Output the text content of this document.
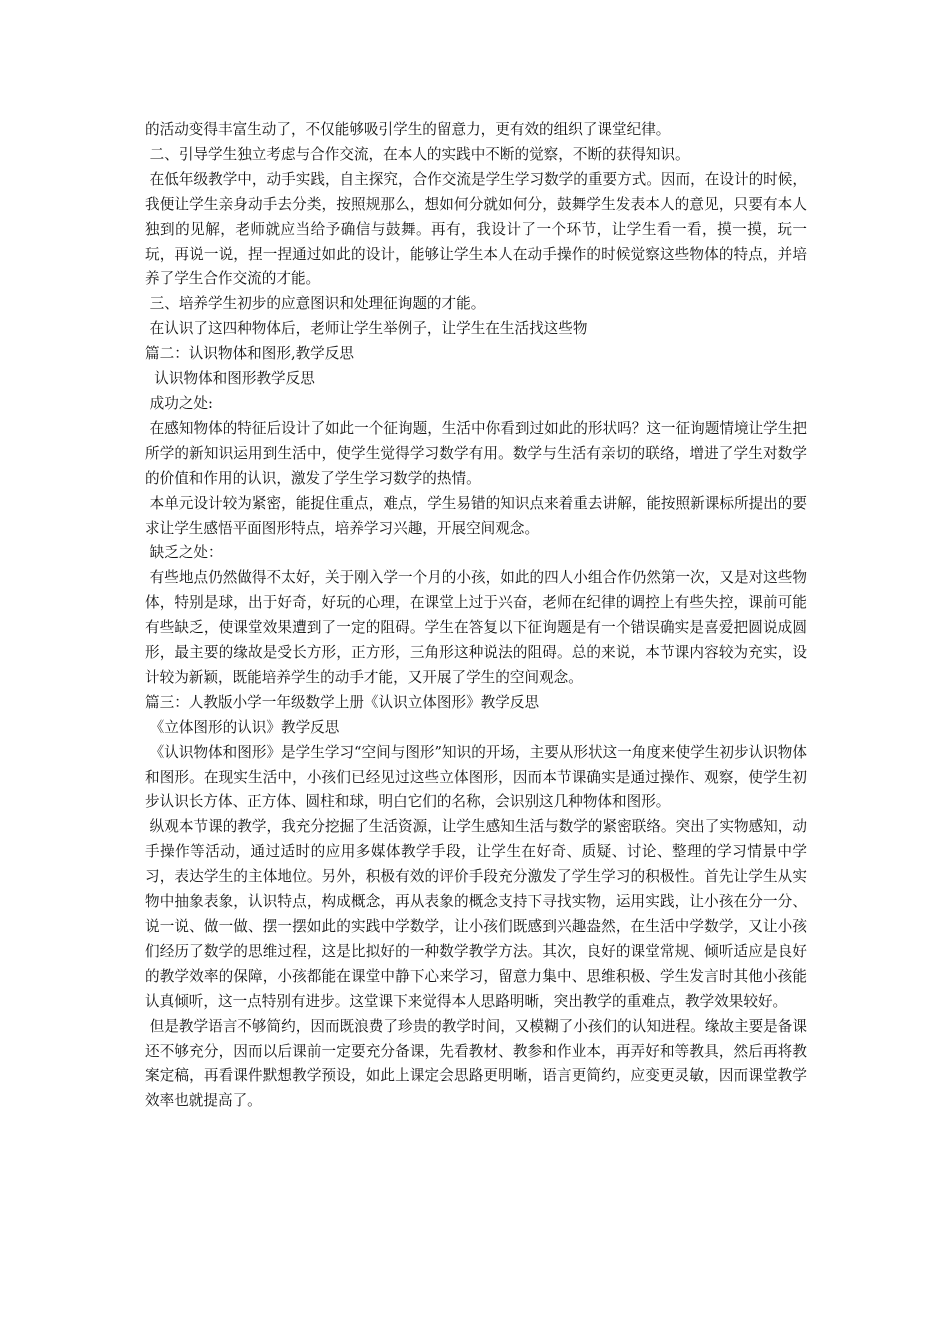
的活动变得丰富生动了，不仅能够吸引学生的留意力，更有效的组织了课堂纪律。

二、引导学生独立考虑与合作交流，在本人的实践中不断的觉察，不断的获得知识。

在低年级教学中，动手实践，自主探究，合作交流是学生学习数学的重要方式。因而，在设计的时候，我便让学生亲身动手去分类，按照规那么，想如何分就如何分，鼓舞学生发表本人的意见，只要有本人独到的见解，老师就应当给予确信与鼓舞。再有，我设计了一个环节，让学生看一看，摸一摸，玩一玩，再说一说，捏一捏通过如此的设计，能够让学生本人在动手操作的时候觉察这些物体的特点，并培养了学生合作交流的才能。

三、培养学生初步的应意图识和处理征询题的才能。

在认识了这四种物体后，老师让学生举例子，让学生在生活找这些物

篇二：认识物体和图形,教学反思

认识物体和图形教学反思

成功之处:

在感知物体的特征后设计了如此一个征询题，生活中你看到过如此的形状吗？这一征询题情境让学生把所学的新知识运用到生活中，使学生觉得学习数学有用。数学与生活有亲切的联络，增进了学生对数学的价值和作用的认识，激发了学生学习数学的热情。

本单元设计较为紧密，能捉住重点，难点，学生易错的知识点来着重去讲解，能按照新课标所提出的要求让学生感悟平面图形特点，培养学习兴趣，开展空间观念。

缺乏之处：

有些地点仍然做得不太好，关于刚入学一个月的小孩，如此的四人小组合作仍然第一次，又是对这些物体，特别是球，出于好奇，好玩的心理，在课堂上过于兴奋，老师在纪律的调控上有些失控，课前可能有些缺乏，使课堂效果遭到了一定的阻碍。学生在答复以下征询题是有一个错误确实是喜爱把圆说成圆形，最主要的缘故是受长方形，正方形，三角形这种说法的阻碍。总的来说，本节课内容较为充实，设计较为新颖，既能培养学生的动手才能，又开展了学生的空间观念。

篇三：人教版小学一年级数学上册《认识立体图形》教学反思

《立体图形的认识》教学反思

《认识物体和图形》是学生学习“空间与图形”知识的开场，主要从形状这一角度来使学生初步认识物体和图形。在现实生活中，小孩们已经见过这些立体图形，因而本节课确实是通过操作、观察，使学生初步认识长方体、正方体、圆柱和球，明白它们的名称，会识别这几种物体和图形。

纵观本节课的教学，我充分挖掘了生活资源，让学生感知生活与数学的紧密联络。突出了实物感知，动手操作等活动，通过适时的应用多媒体教学手段，让学生在好奇、质疑、讨论、整理的学习情景中学习，表达学生的主体地位。另外，积极有效的评价手段充分激发了学生学习的积极性。首先让学生从实物中抽象表象，认识特点，构成概念，再从表象的概念支持下寻找实物，运用实践，让小孩在分一分、说一说、做一做、摆一摆如此的实践中学数学，让小孩们既感到兴趣盎然，在生活中学数学，又让小孩们经历了数学的思维过程，这是比拟好的一种数学教学方法。其次，良好的课堂常规、倾听适应是良好的教学效率的保障，小孩都能在课堂中静下心来学习，留意力集中、思维积极、学生发言时其他小孩能认真倾听，这一点特别有进步。这堂课下来觉得本人思路明晰，突出教学的重难点，教学效果较好。

但是教学语言不够简约，因而既浪费了珍贵的教学时间，又模糊了小孩们的认知进程。缘故主要是备课还不够充分，因而以后课前一定要充分备课，先看教材、教参和作业本，再弄好和等教具，然后再将教案定稿，再看课件默想教学预设，如此上课定会思路更明晰，语言更简约，应变更灵敏，因而课堂教学效率也就提高了。
